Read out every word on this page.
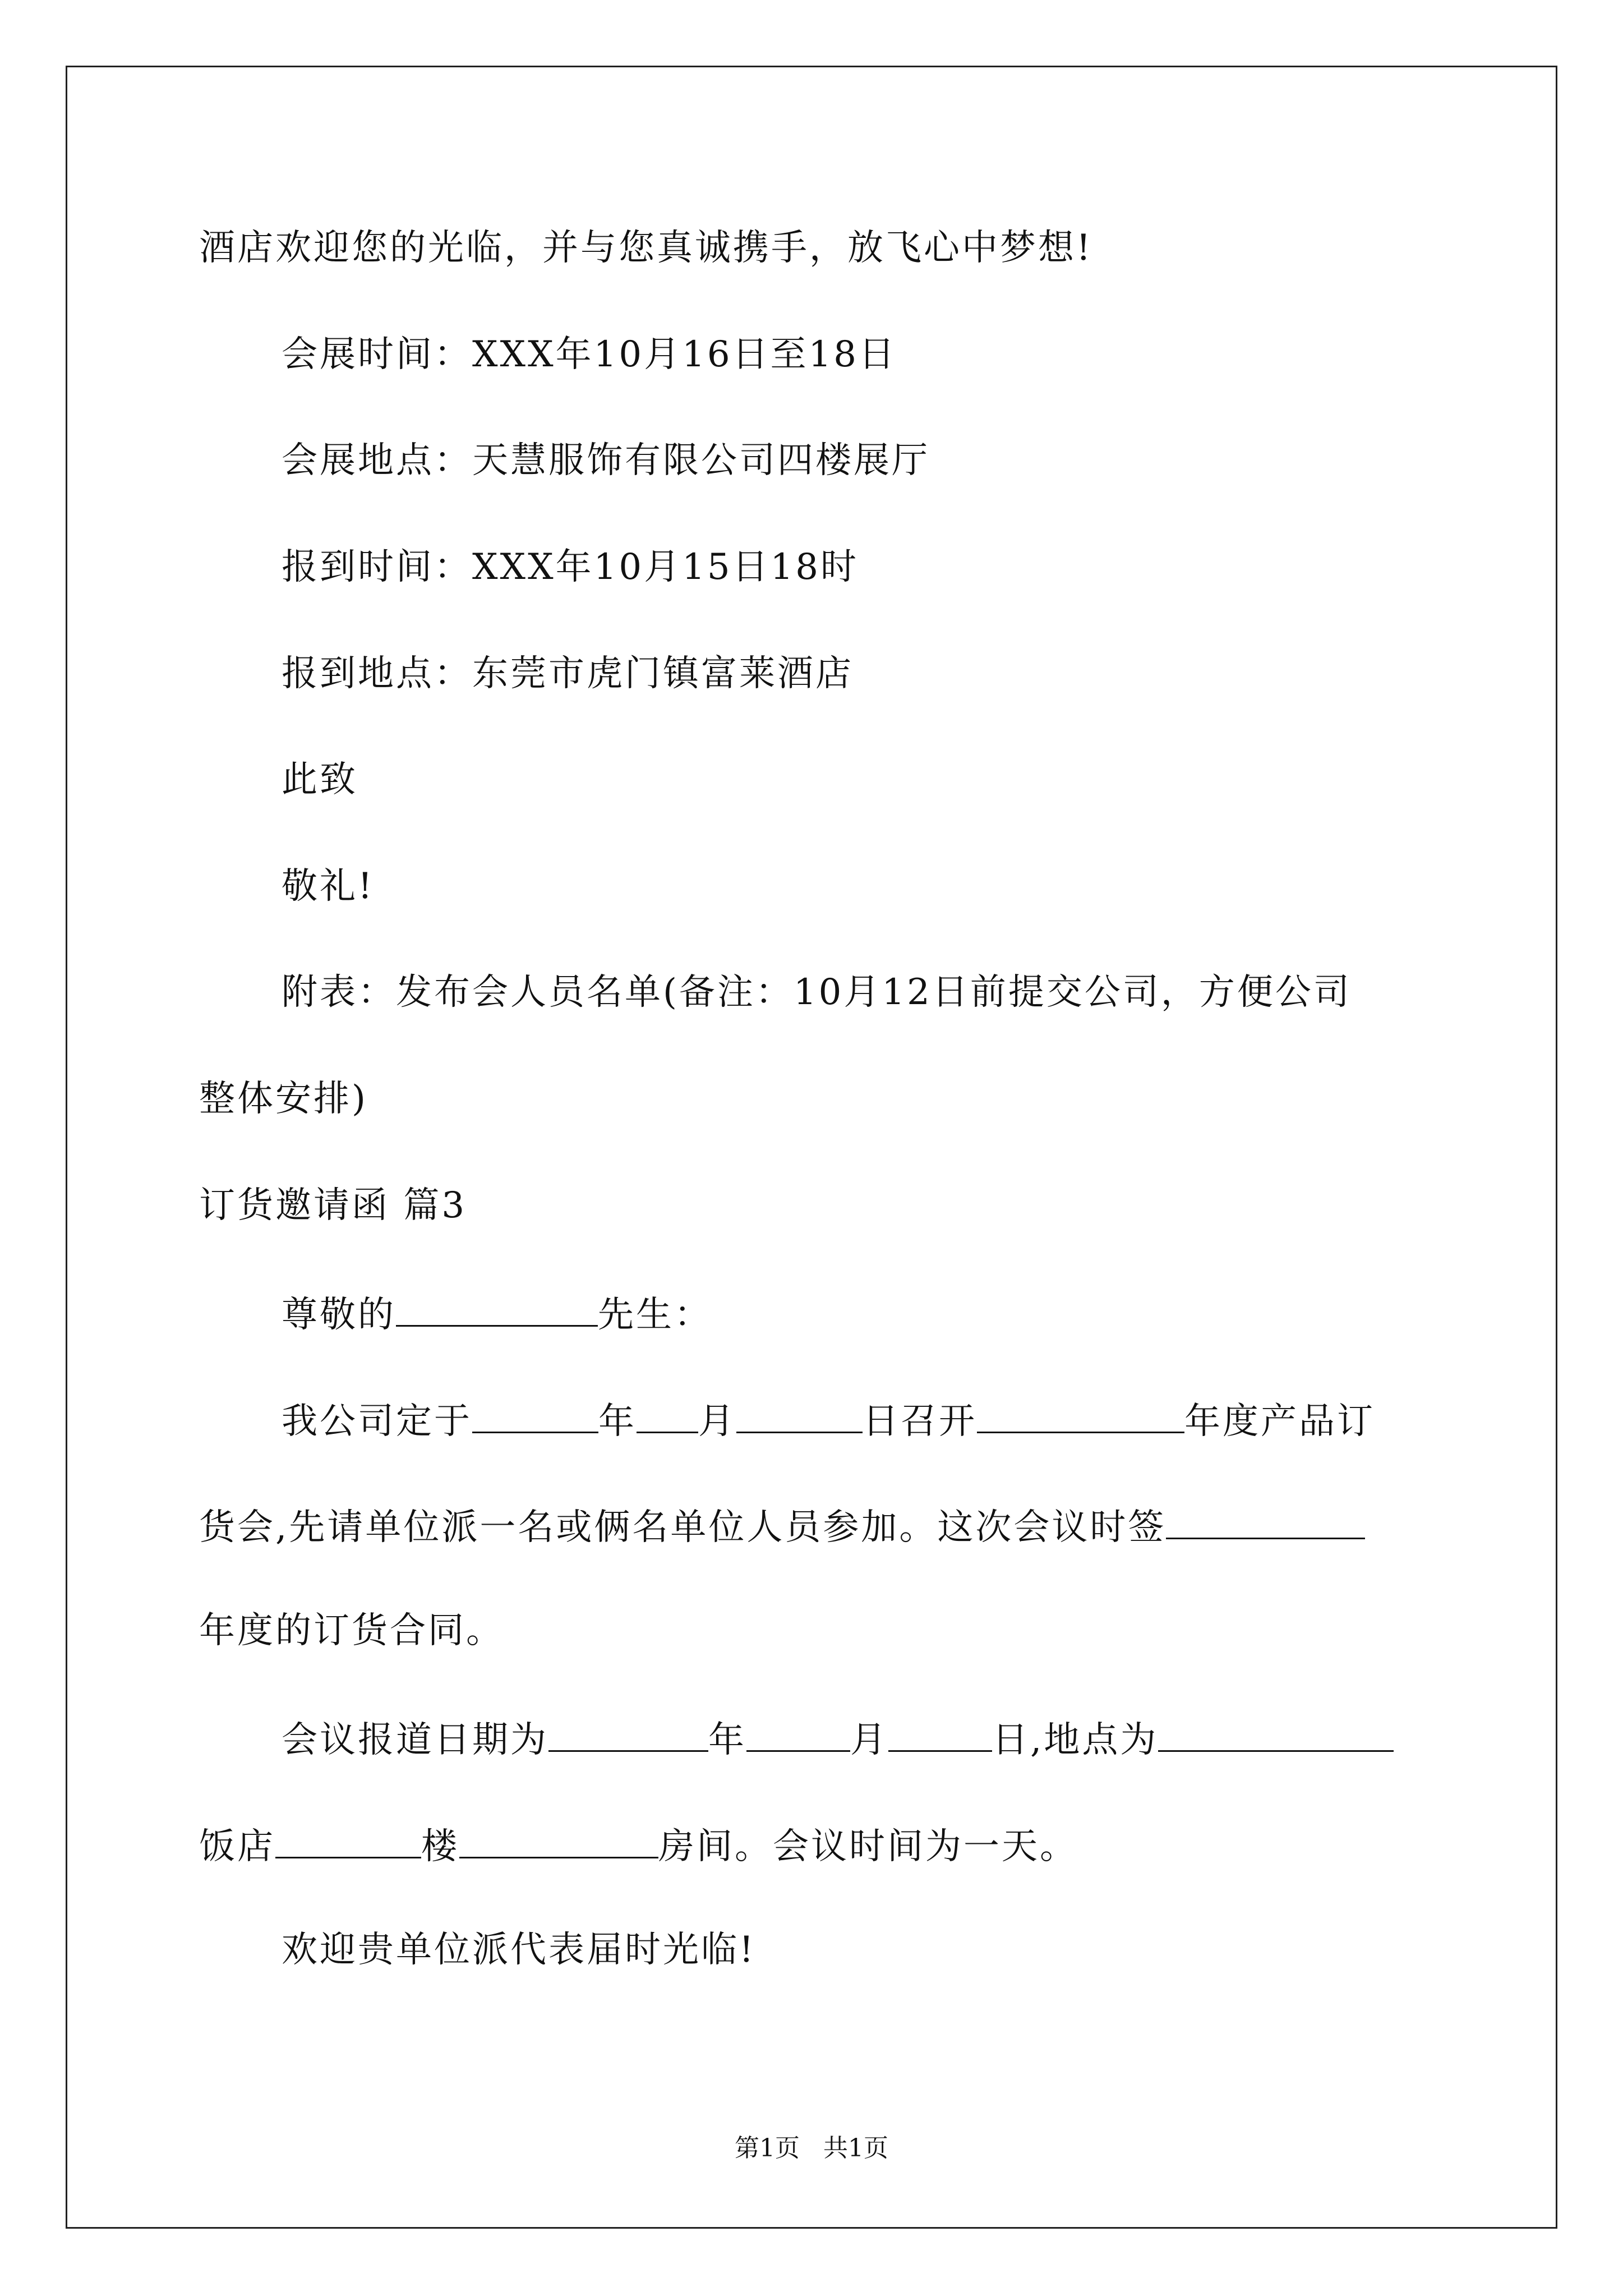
酒店欢迎您的光临，并与您真诚携手，放飞心中梦想!
会展时间：XXX年10月16日至18日
会展地点：天慧服饰有限公司四楼展厅
报到时间：XXX年10月15日18时
报到地点：东莞市虎门镇富莱酒店
此致
敬礼!
附表：发布会人员名单(备注：10月12日前提交公司，方便公司
整体安排)
订货邀请函 篇3
尊敬的	先生：
我公司定于	年 月	日召开	年度产品订
货会,先请单位派一名或俩名单位人员参加。这次会议时签
年度的订货合同。
会议报道日期为	年	月	日,地点为
饭店	楼	房间。会议时间为一天。
欢迎贵单位派代表届时光临!
第1页   共1页
